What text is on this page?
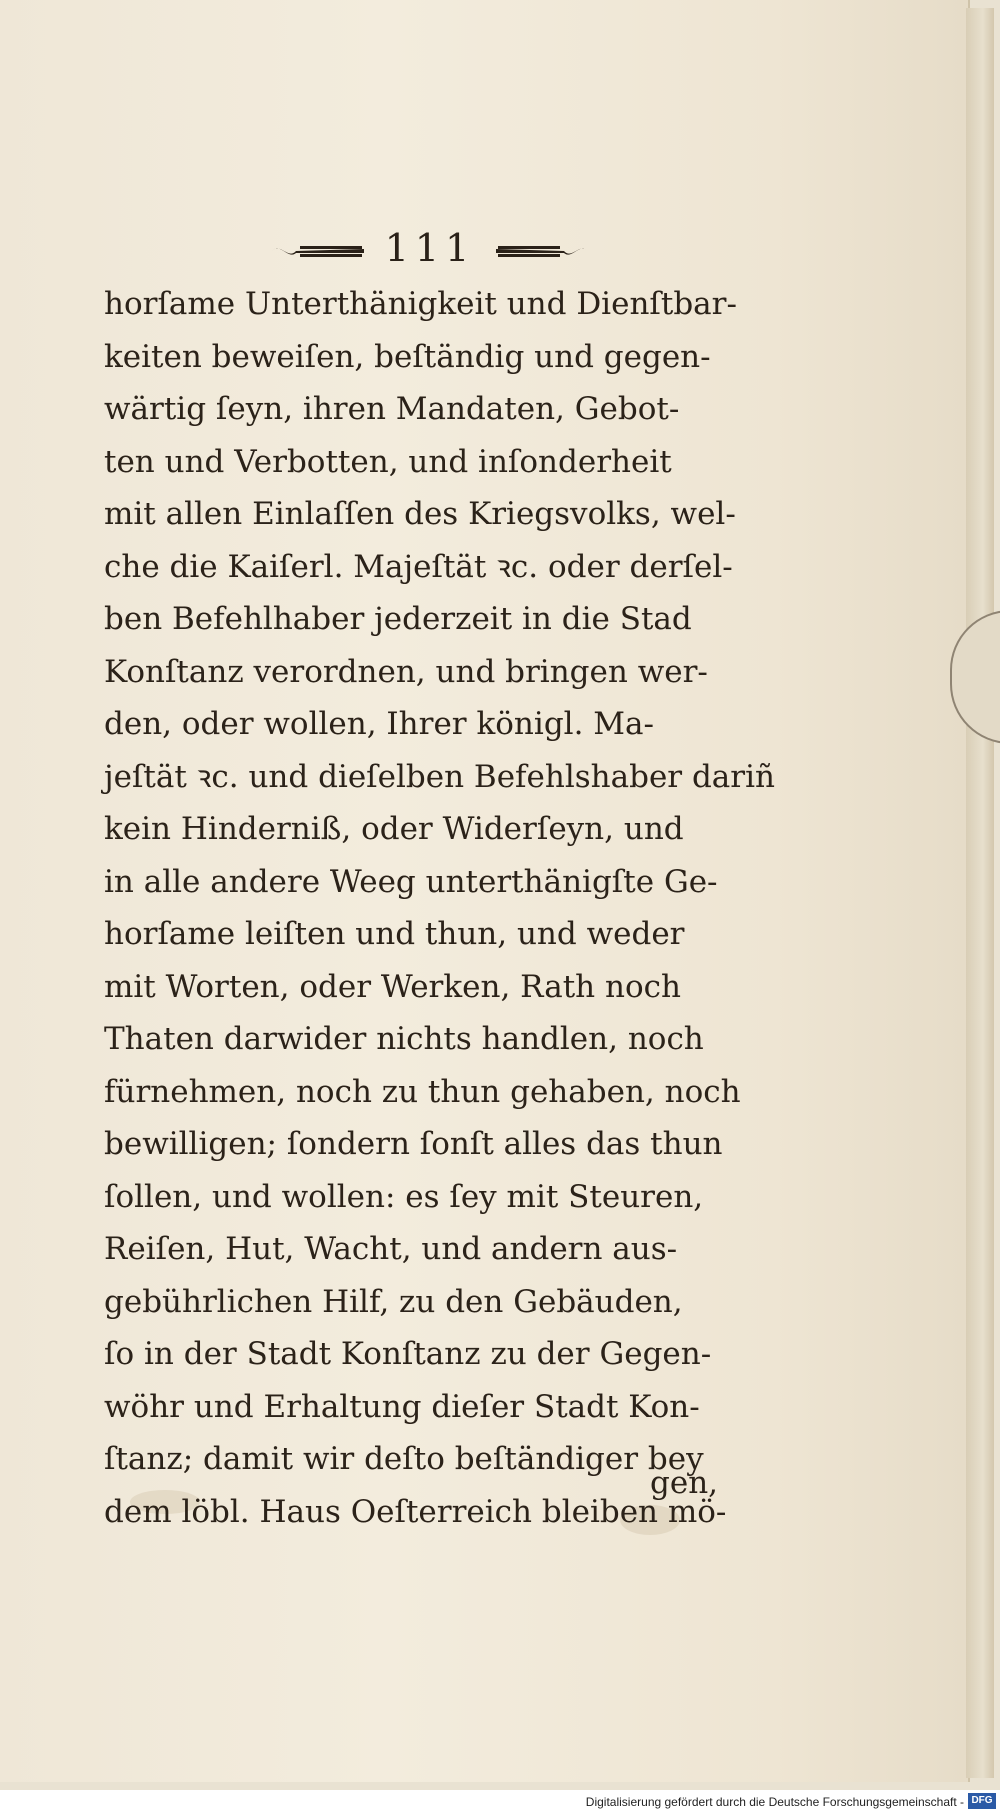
111
horſame Unterthänigkeit und Dienſtbar-
keiten beweiſen, beſtändig und gegen-
wärtig ſeyn, ihren Mandaten, Gebot-
ten und Verbotten, und inſonderheit
mit allen Einlaſſen des Kriegsvolks, wel-
che die Kaiſerl. Majeſtät ꝛc. oder derſel-
ben Befehlhaber jederzeit in die Stad
Konſtanz verordnen, und bringen wer-
den, oder wollen, Ihrer königl. Ma-
jeſtät ꝛc. und dieſelben Befehlshaber dariñ
kein Hinderniß, oder Widerſeyn, und
in alle andere Weeg unterthänigſte Ge-
horſame leiſten und thun, und weder
mit Worten, oder Werken, Rath noch
Thaten darwider nichts handlen, noch
fürnehmen, noch zu thun gehaben, noch
bewilligen; ſondern ſonſt alles das thun
ſollen, und wollen: es ſey mit Steuren,
Reiſen, Hut, Wacht, und andern aus-
gebührlichen Hilf, zu den Gebäuden,
ſo in der Stadt Konſtanz zu der Gegen-
wöhr und Erhaltung dieſer Stadt Kon-
ſtanz; damit wir deſto beſtändiger bey
dem löbl. Haus Oeſterreich bleiben mö-
gen,
Digitalisierung gefördert durch die Deutsche Forschungsgemeinschaft - DFG
